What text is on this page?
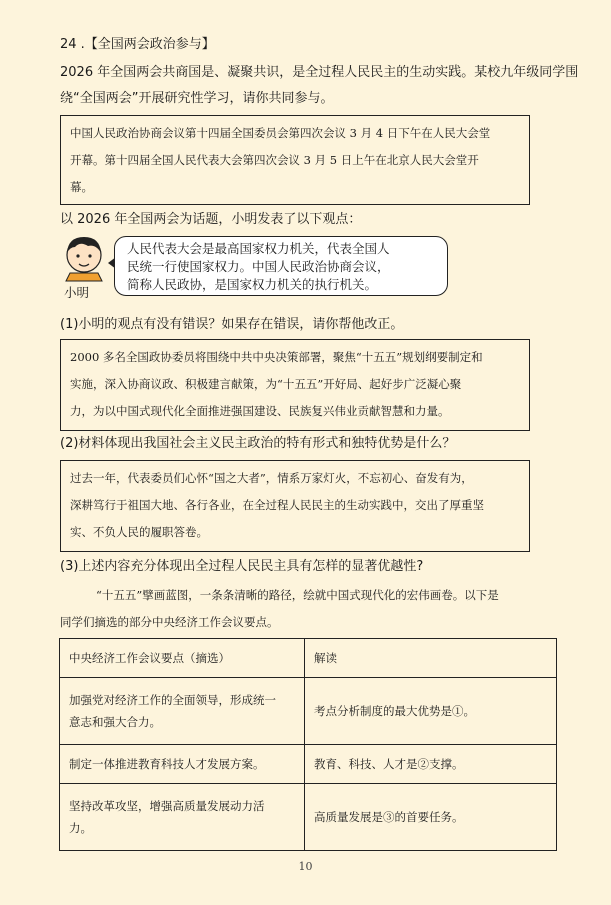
24 .【全国两会政治参与】
2026 年全国两会共商国是、凝聚共识，是全过程人民民主的生动实践。某校九年级同学围
绕“全国两会”开展研究性学习，请你共同参与。
中国人民政治协商会议第十四届全国委员会第四次会议 3 月 4 日下午在人民大会堂
开幕。第十四届全国人民代表大会第四次会议 3 月 5 日上午在北京人民大会堂开
幕。
以 2026 年全国两会为话题，小明发表了以下观点：
小明
人民代表大会是最高国家权力机关，代表全国人
民统一行使国家权力。中国人民政治协商会议，
简称人民政协，是国家权力机关的执行机关。
(1)小明的观点有没有错误？如果存在错误，请你帮他改正。
2000 多名全国政协委员将围绕中共中央决策部署，聚焦“十五五”规划纲要制定和
实施，深入协商议政、积极建言献策，为“十五五”开好局、起好步广泛凝心聚
力，为以中国式现代化全面推进强国建设、民族复兴伟业贡献智慧和力量。
(2)材料体现出我国社会主义民主政治的特有形式和独特优势是什么？
过去一年，代表委员们心怀“国之大者”，情系万家灯火，不忘初心、奋发有为，
深耕笃行于祖国大地、各行各业，在全过程人民民主的生动实践中，交出了厚重坚
实、不负人民的履职答卷。
(3)上述内容充分体现出全过程人民民主具有怎样的显著优越性?
“十五五”擘画蓝图，一条条清晰的路径，绘就中国式现代化的宏伟画卷。以下是
同学们摘选的部分中央经济工作会议要点。
中央经济工作会议要点（摘选）	解读

加强党对经济工作的全面领导，形成统一
意志和强大合力。	考点分析制度的最大优势是①。

制定一体推进教育科技人才发展方案。	教育、科技、人才是②支撑。

坚持改革攻坚，增强高质量发展动力活
力。	高质量发展是③的首要任务。
10
